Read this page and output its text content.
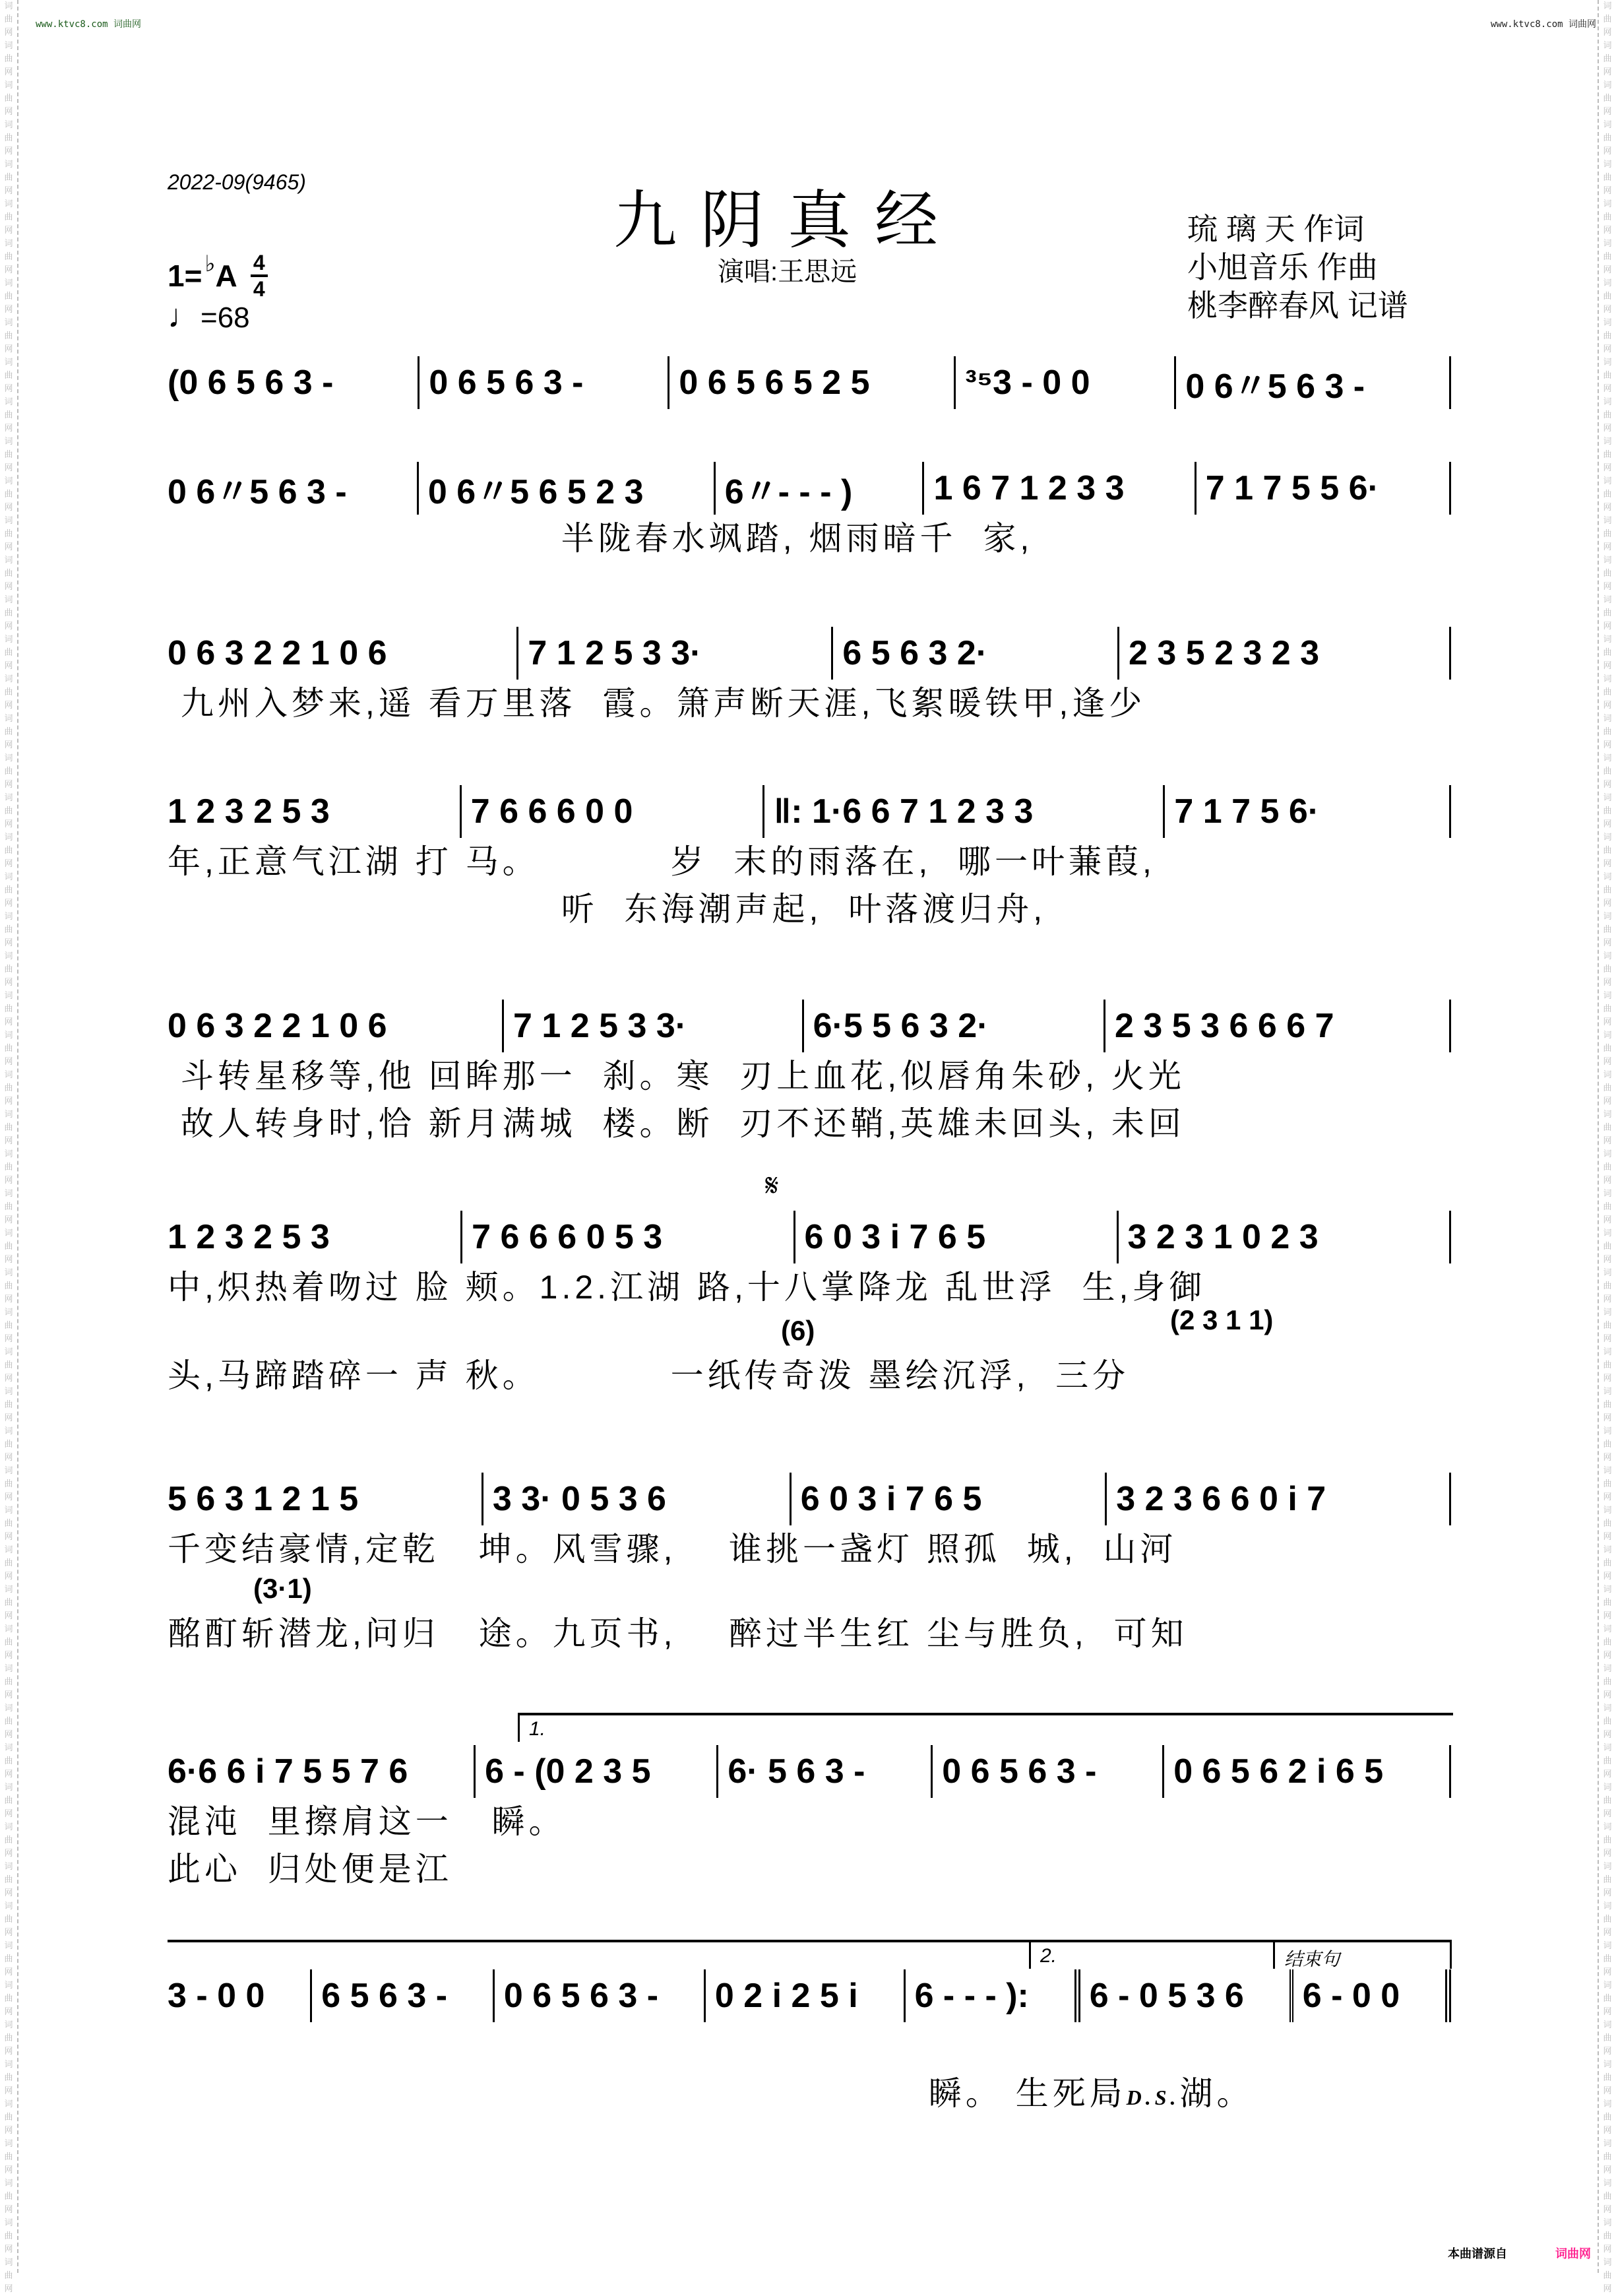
词
曲
网
词
曲
网
词
曲
网
词
曲
网
词
曲
网
词
曲
网
词
曲
网
词
曲
网
词
曲
网
词
曲
网
词
曲
网
词
曲
网
词
曲
网
词
曲
网
词
曲
网
词
曲
网
词
曲
网
词
曲
网
词
曲
网
词
曲
网
词
曲
网
词
曲
网
词
曲
网
词
曲
网
词
曲
网
词
曲
网
词
曲
网
词
曲
网
词
曲
网
词
曲
网
词
曲
网
词
曲
网
词
曲
网
词
曲
网
词
曲
网
词
曲
网
词
曲
网
词
曲
网
词
曲
网
词
曲
网
词
曲
网
词
曲
网
词
曲
网
词
曲
网
词
曲
网
词
曲
网
词
曲
网
词
曲
网
词
曲
网
词
曲
网
词
曲
网
词
曲
网
词
曲
网
词
曲
网
词
曲
网
词
曲
网
词
曲
网
词
曲
网
词
曲
网
词
曲
网
词
曲
网
词
曲
网
词
曲
网
词
曲
网
词
曲
网
词
曲
网
词
曲
网
词
曲
网
词
曲
网
词
曲
网
词
曲
网
词
曲
网
词
曲
网
词
曲
网
词
曲
网
词
曲
网
词
曲
网
词
曲
网
词
曲
网
词
曲
网
词
曲
网
词
曲
网
词
曲
网
词
曲
网
词
曲
网
词
曲
网
词
曲
网
词
曲
网
词
曲
网
词
曲
网
词
曲
网
词
曲
网
词
曲
网
词
曲
网
词
曲
网
词
曲
网
词
曲
网
词
曲
网
词
曲
网
词
曲
网
词
曲
网
词
曲
网
词
曲
网
词
曲
网
词
曲
网
词
曲
网
词
曲
网
词
曲
网
词
曲
网
词
曲
网
词
曲
网
词
曲
网
词
曲
网
词
曲
网
词
曲
网
词
曲
网
www.ktvc8.com 词曲网	www.ktvc8.com 词曲网
2022-09(9465)
九阴真经
演唱:王思远
琉 璃 天 作词
小旭音乐 作曲
桃李醉春风 记谱
1= ♭ A 4
4
♩=68
(0 6 5 6 3 -	0 6 5 6 3 -	0 6 5 6 5 2 5	³⁵3 - 0 0	0 6〃5 6 3 -
0 6〃5 6 3 -	0 6〃5 6 5 2 3	6〃- - - )	1 6 7 1 2 3 3	7 1 7 5 5 6·
半陇春水飒踏, 烟雨暗千  家,
0 6 3 2 2 1 0 6	7 1 2 5 3 3·	6 5 6 3 2·	2 3 5 2 3 2 3
九州入梦来,遥 看万里落  霞。箫声断天涯,飞絮暖铁甲,逢少
1 2 3 2 5 3	7 6 6 6 0 0	‖: 1·6 6 7 1 2 3 3	7 1 7 5 6·
年,正意气江湖 打 马。          岁  末的雨落在,  哪一叶蒹葭,
听  东海潮声起,  叶落渡归舟,
0 6 3 2 2 1 0 6	7 1 2 5 3 3·	6·5 5 6 3 2·	2 3 5 3 6 6 6 7
斗转星移等,他 回眸那一  刹。寒  刃上血花,似唇角朱砂, 火光
故人转身时,恰 新月满城  楼。断  刃不还鞘,英雄未回头, 未回
𝄋
1 2 3 2 5 3	7 6 6 6 0 5 3	6 0 3 i 7 6 5	3 2 3 1 0 2 3
中,炽热着吻过 脸 颊。1.2.江湖 路,十八掌降龙 乱世浮  生,身御
(6)	(2 3 1 1)
头,马蹄踏碎一 声 秋。          一纸传奇泼 墨绘沉浮,  三分
5 6 3 1 2 1 5	3 3· 0 5 3 6	6 0 3 i 7 6 5	3 2 3 6 6 0 i 7
千变结豪情,定乾   坤。风雪骤,    谁挑一盏灯 照孤  城,  山河
(3·1)
酩酊斩潜龙,问归   途。九页书,    醉过半生红 尘与胜负,  可知
1.
6·6 6 i 7 5 5 7 6	6 - (0 2 3 5	6· 5 6 3 -	0 6 5 6 3 -	0 6 5 6 2 i 6 5
混沌  里擦肩这一   瞬。
此心  归处便是江
2.	结束句
3 - 0 0	6 5 6 3 -	0 6 5 6 3 -	0 2 i 2 5 i	6 - - - ):	6 - 0 5 3 6	6 - 0 0

瞬。 生死局D.S.湖。

本曲谱源自	词曲网
